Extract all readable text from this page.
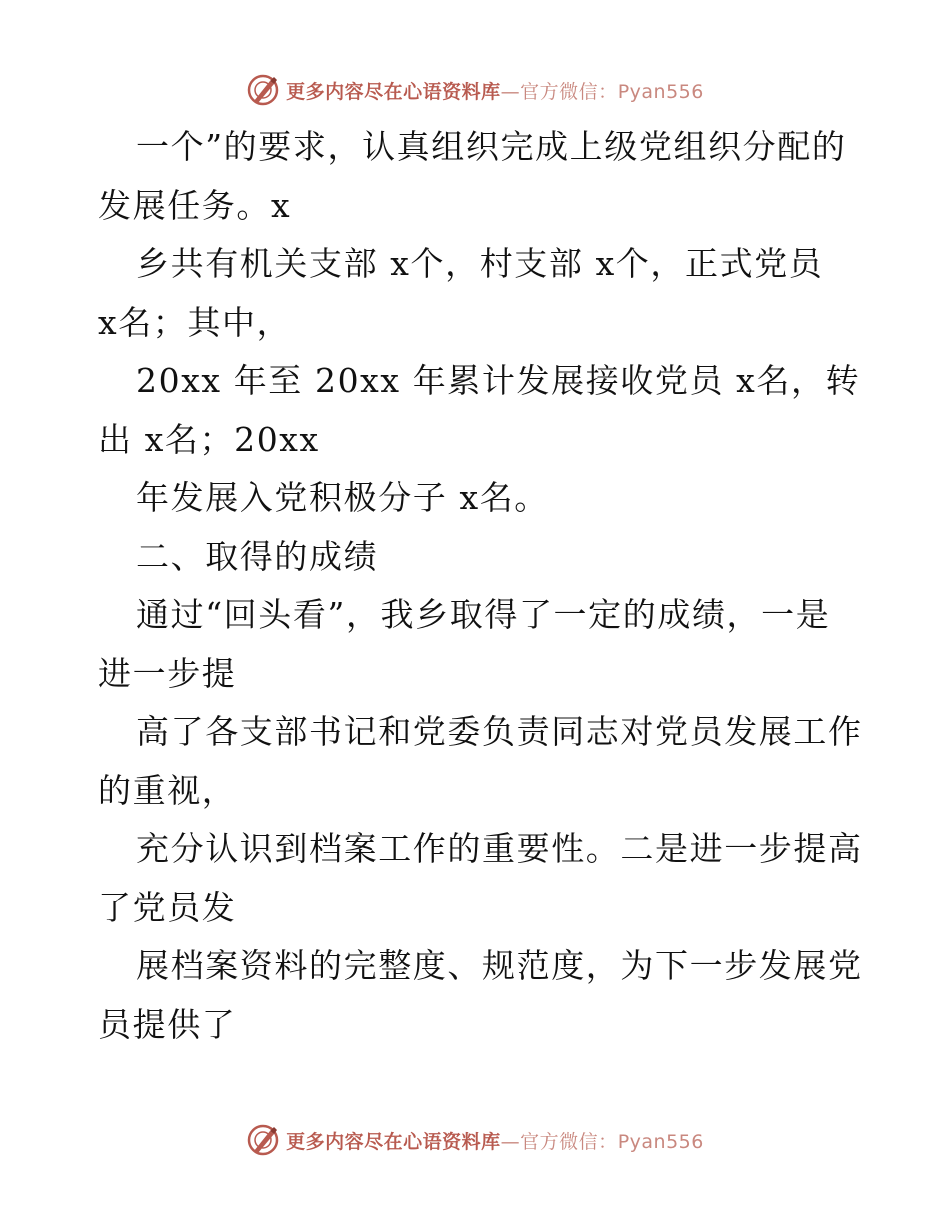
更多内容尽在心语资料库—官方微信：Pyan556
一个”的要求，认真组织完成上级党组织分配的
发展任务。x
乡共有机关支部 x个，村支部 x个，正式党员
x名；其中，
20xx 年至 20xx 年累计发展接收党员 x名，转
出 x名；20xx
年发展入党积极分子 x名。
二、取得的成绩
通过“回头看”，我乡取得了一定的成绩，一是
进一步提
高了各支部书记和党委负责同志对党员发展工作
的重视，
充分认识到档案工作的重要性。二是进一步提高
了党员发
展档案资料的完整度、规范度，为下一步发展党
员提供了
更多内容尽在心语资料库—官方微信：Pyan556
